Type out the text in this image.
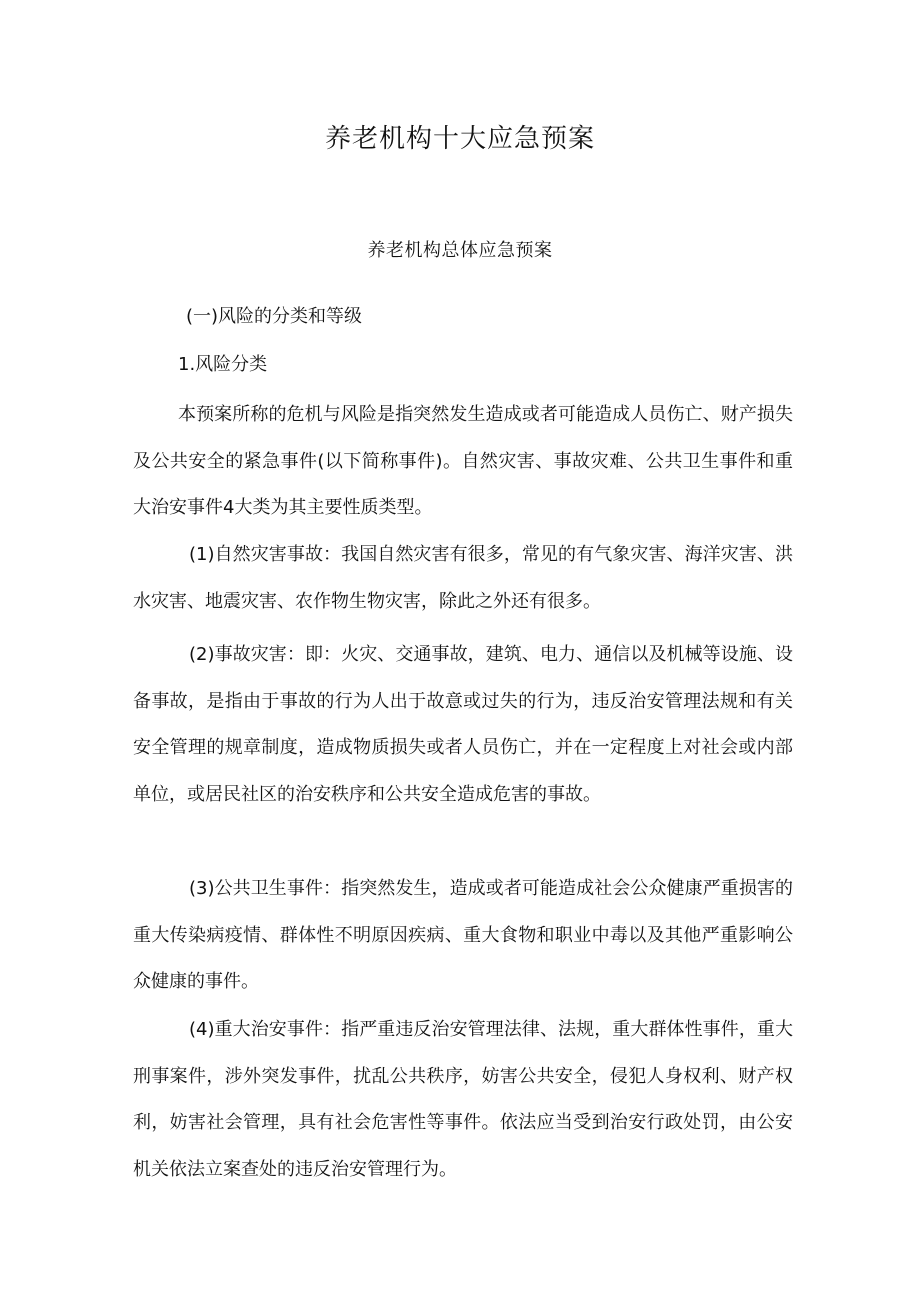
养老机构十大应急预案
养老机构总体应急预案
(一)风险的分类和等级
1.风险分类

本预案所称的危机与风险是指突然发生造成或者可能造成人员伤亡、财产损失及公共安全的紧急事件(以下简称事件)。自然灾害、事故灾难、公共卫生事件和重大治安事件4大类为其主要性质类型。

(1)自然灾害事故：我国自然灾害有很多，常见的有气象灾害、海洋灾害、洪水灾害、地震灾害、农作物生物灾害，除此之外还有很多。

(2)事故灾害：即：火灾、交通事故，建筑、电力、通信以及机械等设施、设备事故，是指由于事故的行为人出于故意或过失的行为，违反治安管理法规和有关安全管理的规章制度，造成物质损失或者人员伤亡，并在一定程度上对社会或内部单位，或居民社区的治安秩序和公共安全造成危害的事故。

(3)公共卫生事件：指突然发生，造成或者可能造成社会公众健康严重损害的重大传染病疫情、群体性不明原因疾病、重大食物和职业中毒以及其他严重影响公众健康的事件。

(4)重大治安事件：指严重违反治安管理法律、法规，重大群体性事件，重大刑事案件，涉外突发事件，扰乱公共秩序，妨害公共安全，侵犯人身权利、财产权利，妨害社会管理，具有社会危害性等事件。依法应当受到治安行政处罚，由公安机关依法立案查处的违反治安管理行为。
